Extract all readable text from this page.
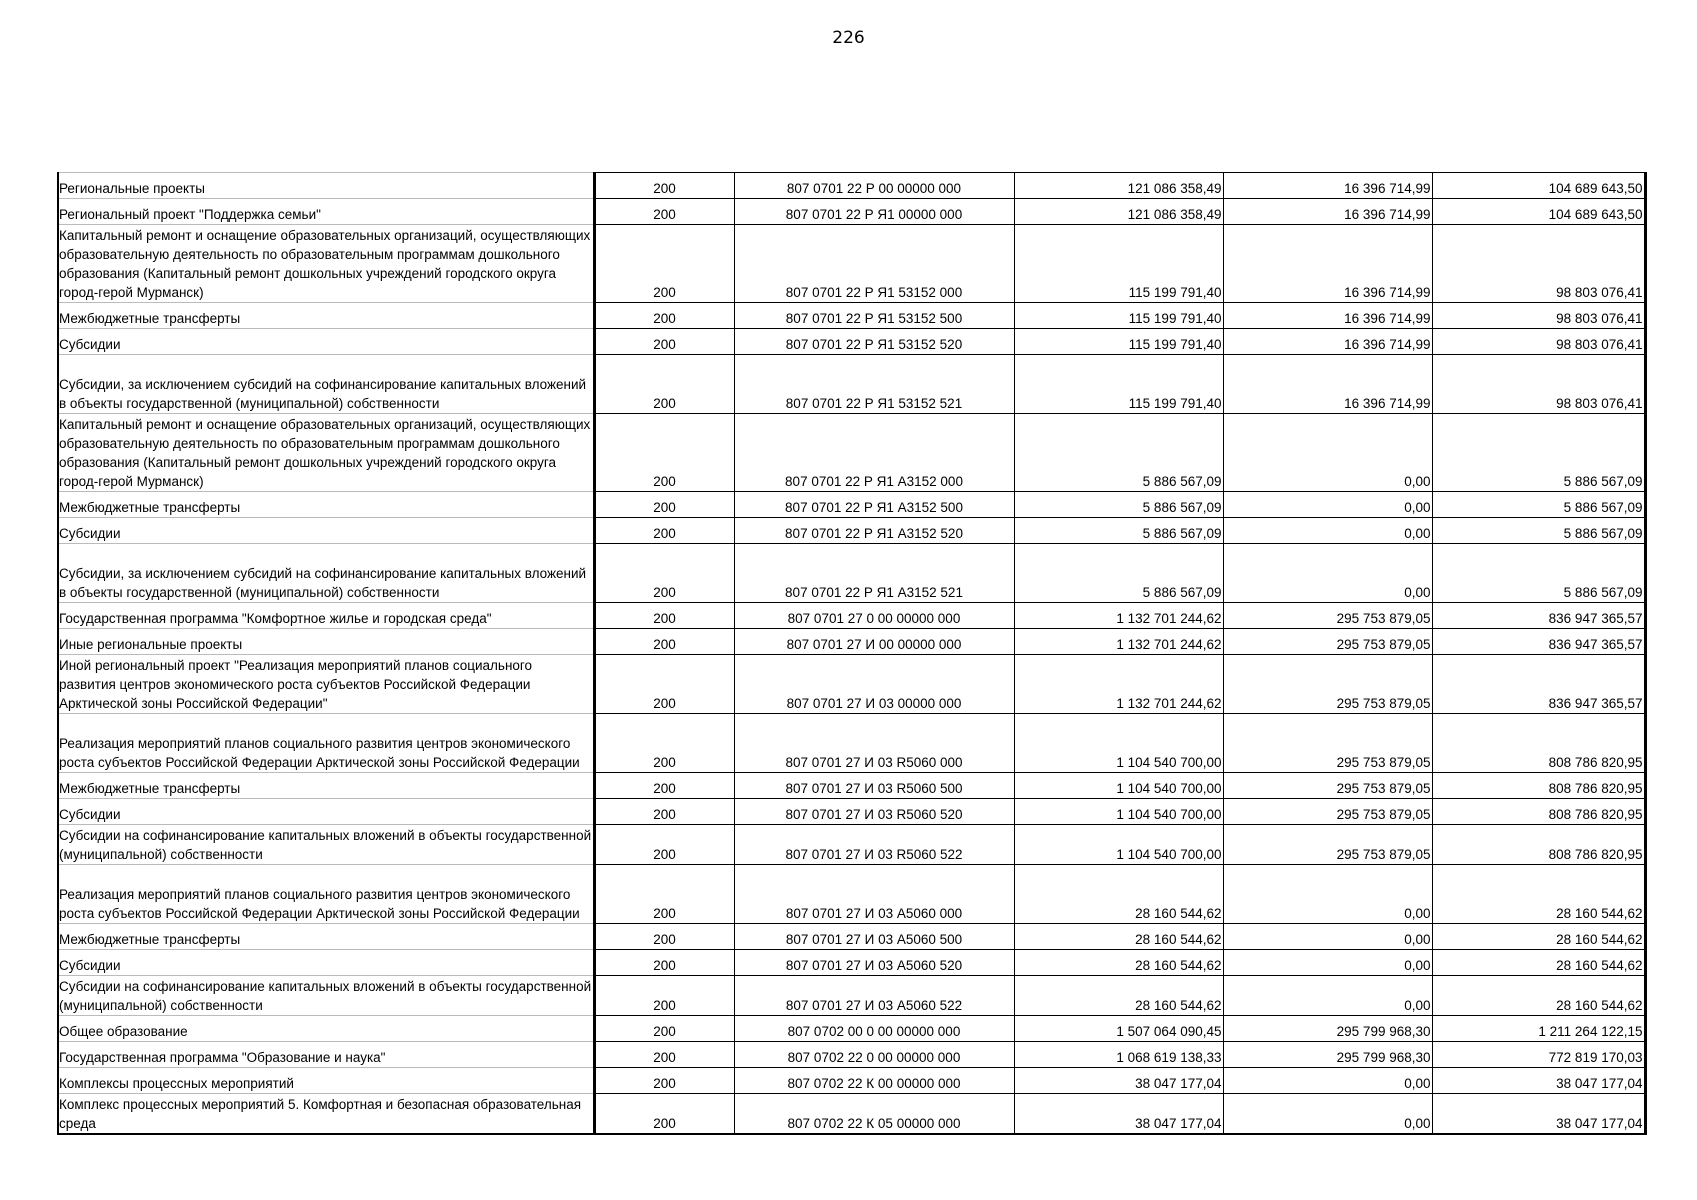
226
Региональные проекты	200	807 0701 22 Р 00 00000 000	121 086 358,49	16 396 714,99	104 689 643,50
Региональный проект "Поддержка семьи"	200	807 0701 22 Р Я1 00000 000	121 086 358,49	16 396 714,99	104 689 643,50
Капитальный ремонт и оснащение образовательных организаций, осуществляющих образовательную деятельность по образовательным программам дошкольного образования (Капитальный ремонт дошкольных учреждений городского округа город-герой Мурманск)	200	807 0701 22 Р Я1 53152 000	115 199 791,40	16 396 714,99	98 803 076,41
Межбюджетные трансферты	200	807 0701 22 Р Я1 53152 500	115 199 791,40	16 396 714,99	98 803 076,41
Субсидии	200	807 0701 22 Р Я1 53152 520	115 199 791,40	16 396 714,99	98 803 076,41
Субсидии, за исключением субсидий на софинансирование капитальных вложений в объекты государственной (муниципальной) собственности	200	807 0701 22 Р Я1 53152 521	115 199 791,40	16 396 714,99	98 803 076,41
Капитальный ремонт и оснащение образовательных организаций, осуществляющих образовательную деятельность по образовательным программам дошкольного образования (Капитальный ремонт дошкольных учреждений городского округа город-герой Мурманск)	200	807 0701 22 Р Я1 А3152 000	5 886 567,09	0,00	5 886 567,09
Межбюджетные трансферты	200	807 0701 22 Р Я1 А3152 500	5 886 567,09	0,00	5 886 567,09
Субсидии	200	807 0701 22 Р Я1 А3152 520	5 886 567,09	0,00	5 886 567,09
Субсидии, за исключением субсидий на софинансирование капитальных вложений в объекты государственной (муниципальной) собственности	200	807 0701 22 Р Я1 А3152 521	5 886 567,09	0,00	5 886 567,09
Государственная программа "Комфортное жилье и городская среда"	200	807 0701 27 0 00 00000 000	1 132 701 244,62	295 753 879,05	836 947 365,57
Иные региональные проекты	200	807 0701 27 И 00 00000 000	1 132 701 244,62	295 753 879,05	836 947 365,57
Иной региональный проект "Реализация мероприятий планов социального развития центров экономического роста субъектов Российской Федерации Арктической зоны Российской Федерации"	200	807 0701 27 И 03 00000 000	1 132 701 244,62	295 753 879,05	836 947 365,57
Реализация мероприятий планов социального развития центров экономического роста субъектов Российской Федерации Арктической зоны Российской Федерации	200	807 0701 27 И 03 R5060 000	1 104 540 700,00	295 753 879,05	808 786 820,95
Межбюджетные трансферты	200	807 0701 27 И 03 R5060 500	1 104 540 700,00	295 753 879,05	808 786 820,95
Субсидии	200	807 0701 27 И 03 R5060 520	1 104 540 700,00	295 753 879,05	808 786 820,95
Субсидии на софинансирование капитальных вложений в объекты государственной (муниципальной) собственности	200	807 0701 27 И 03 R5060 522	1 104 540 700,00	295 753 879,05	808 786 820,95
Реализация мероприятий планов социального развития центров экономического роста субъектов Российской Федерации Арктической зоны Российской Федерации	200	807 0701 27 И 03 А5060 000	28 160 544,62	0,00	28 160 544,62
Межбюджетные трансферты	200	807 0701 27 И 03 А5060 500	28 160 544,62	0,00	28 160 544,62
Субсидии	200	807 0701 27 И 03 А5060 520	28 160 544,62	0,00	28 160 544,62
Субсидии на софинансирование капитальных вложений в объекты государственной (муниципальной) собственности	200	807 0701 27 И 03 А5060 522	28 160 544,62	0,00	28 160 544,62
Общее образование	200	807 0702 00 0 00 00000 000	1 507 064 090,45	295 799 968,30	1 211 264 122,15
Государственная программа "Образование и наука"	200	807 0702 22 0 00 00000 000	1 068 619 138,33	295 799 968,30	772 819 170,03
Комплексы процессных мероприятий	200	807 0702 22 К 00 00000 000	38 047 177,04	0,00	38 047 177,04
Комплекс процессных мероприятий 5. Комфортная и безопасная образовательная среда	200	807 0702 22 К 05 00000 000	38 047 177,04	0,00	38 047 177,04
